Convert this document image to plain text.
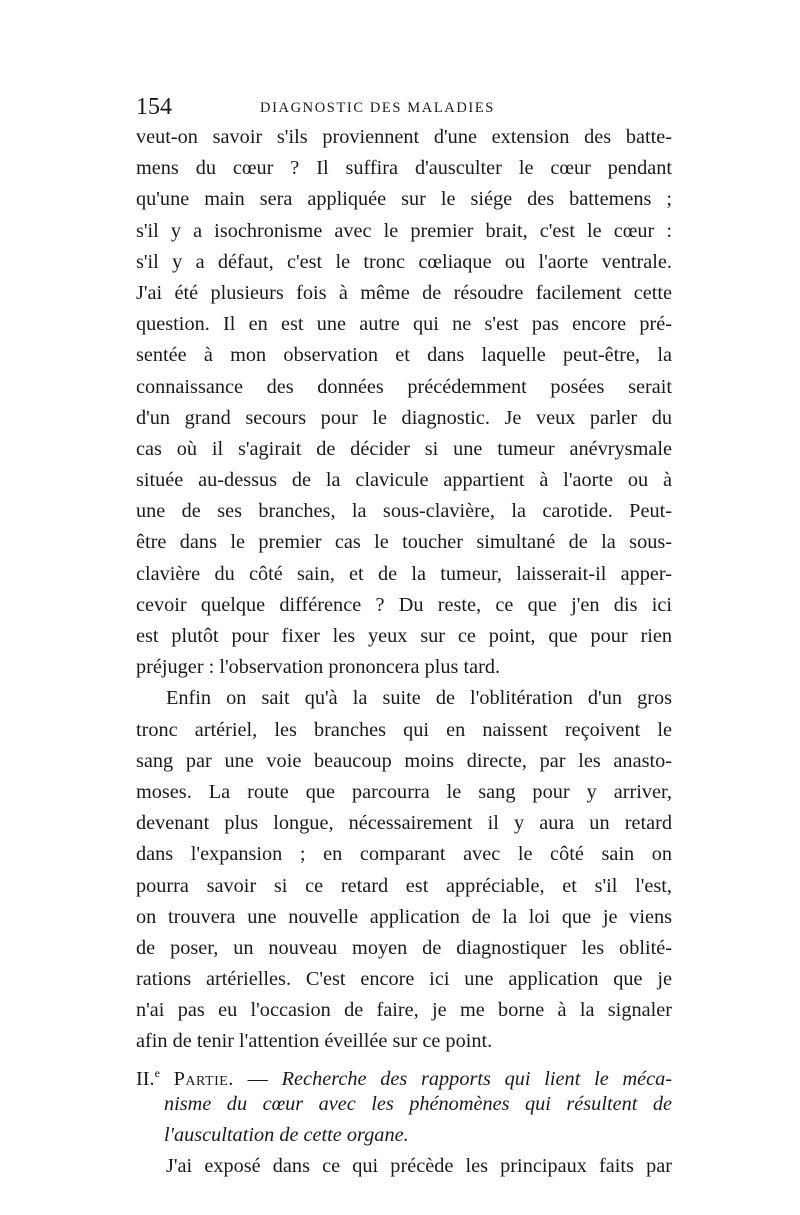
154	DIAGNOSTIC DES MALADIES
veut-on savoir s'ils proviennent d'une extension des batte-
mens du cœur ? Il suffira d'ausculter le cœur pendant
qu'une main sera appliquée sur le siége des battemens ;
s'il y a isochronisme avec le premier brait, c'est le cœur :
s'il y a défaut, c'est le tronc cœliaque ou l'aorte ventrale.
J'ai été plusieurs fois à même de résoudre facilement cette
question. Il en est une autre qui ne s'est pas encore pré-
sentée à mon observation et dans laquelle peut-être, la
connaissance des données précédemment posées serait
d'un grand secours pour le diagnostic. Je veux parler du
cas où il s'agirait de décider si une tumeur anévrysmale
située au-dessus de la clavicule appartient à l'aorte ou à
une de ses branches, la sous-clavière, la carotide. Peut-
être dans le premier cas le toucher simultané de la sous-
clavière du côté sain, et de la tumeur, laisserait-il apper-
cevoir quelque différence ? Du reste, ce que j'en dis ici
est plutôt pour fixer les yeux sur ce point, que pour rien
préjuger : l'observation prononcera plus tard.
Enfin on sait qu'à la suite de l'oblitération d'un gros
tronc artériel, les branches qui en naissent reçoivent le
sang par une voie beaucoup moins directe, par les anasto-
moses. La route que parcourra le sang pour y arriver,
devenant plus longue, nécessairement il y aura un retard
dans l'expansion ; en comparant avec le côté sain on
pourra savoir si ce retard est appréciable, et s'il l'est,
on trouvera une nouvelle application de la loi que je viens
de poser, un nouveau moyen de diagnostiquer les oblité-
rations artérielles. C'est encore ici une application que je
n'ai pas eu l'occasion de faire, je me borne à la signaler
afin de tenir l'attention éveillée sur ce point.
II.$^e$ Partie. — Recherche des rapports qui lient le méca-
nisme du cœur avec les phénomènes qui résultent de
l'auscultation de cette organe.
J'ai exposé dans ce qui précède les principaux faits par
